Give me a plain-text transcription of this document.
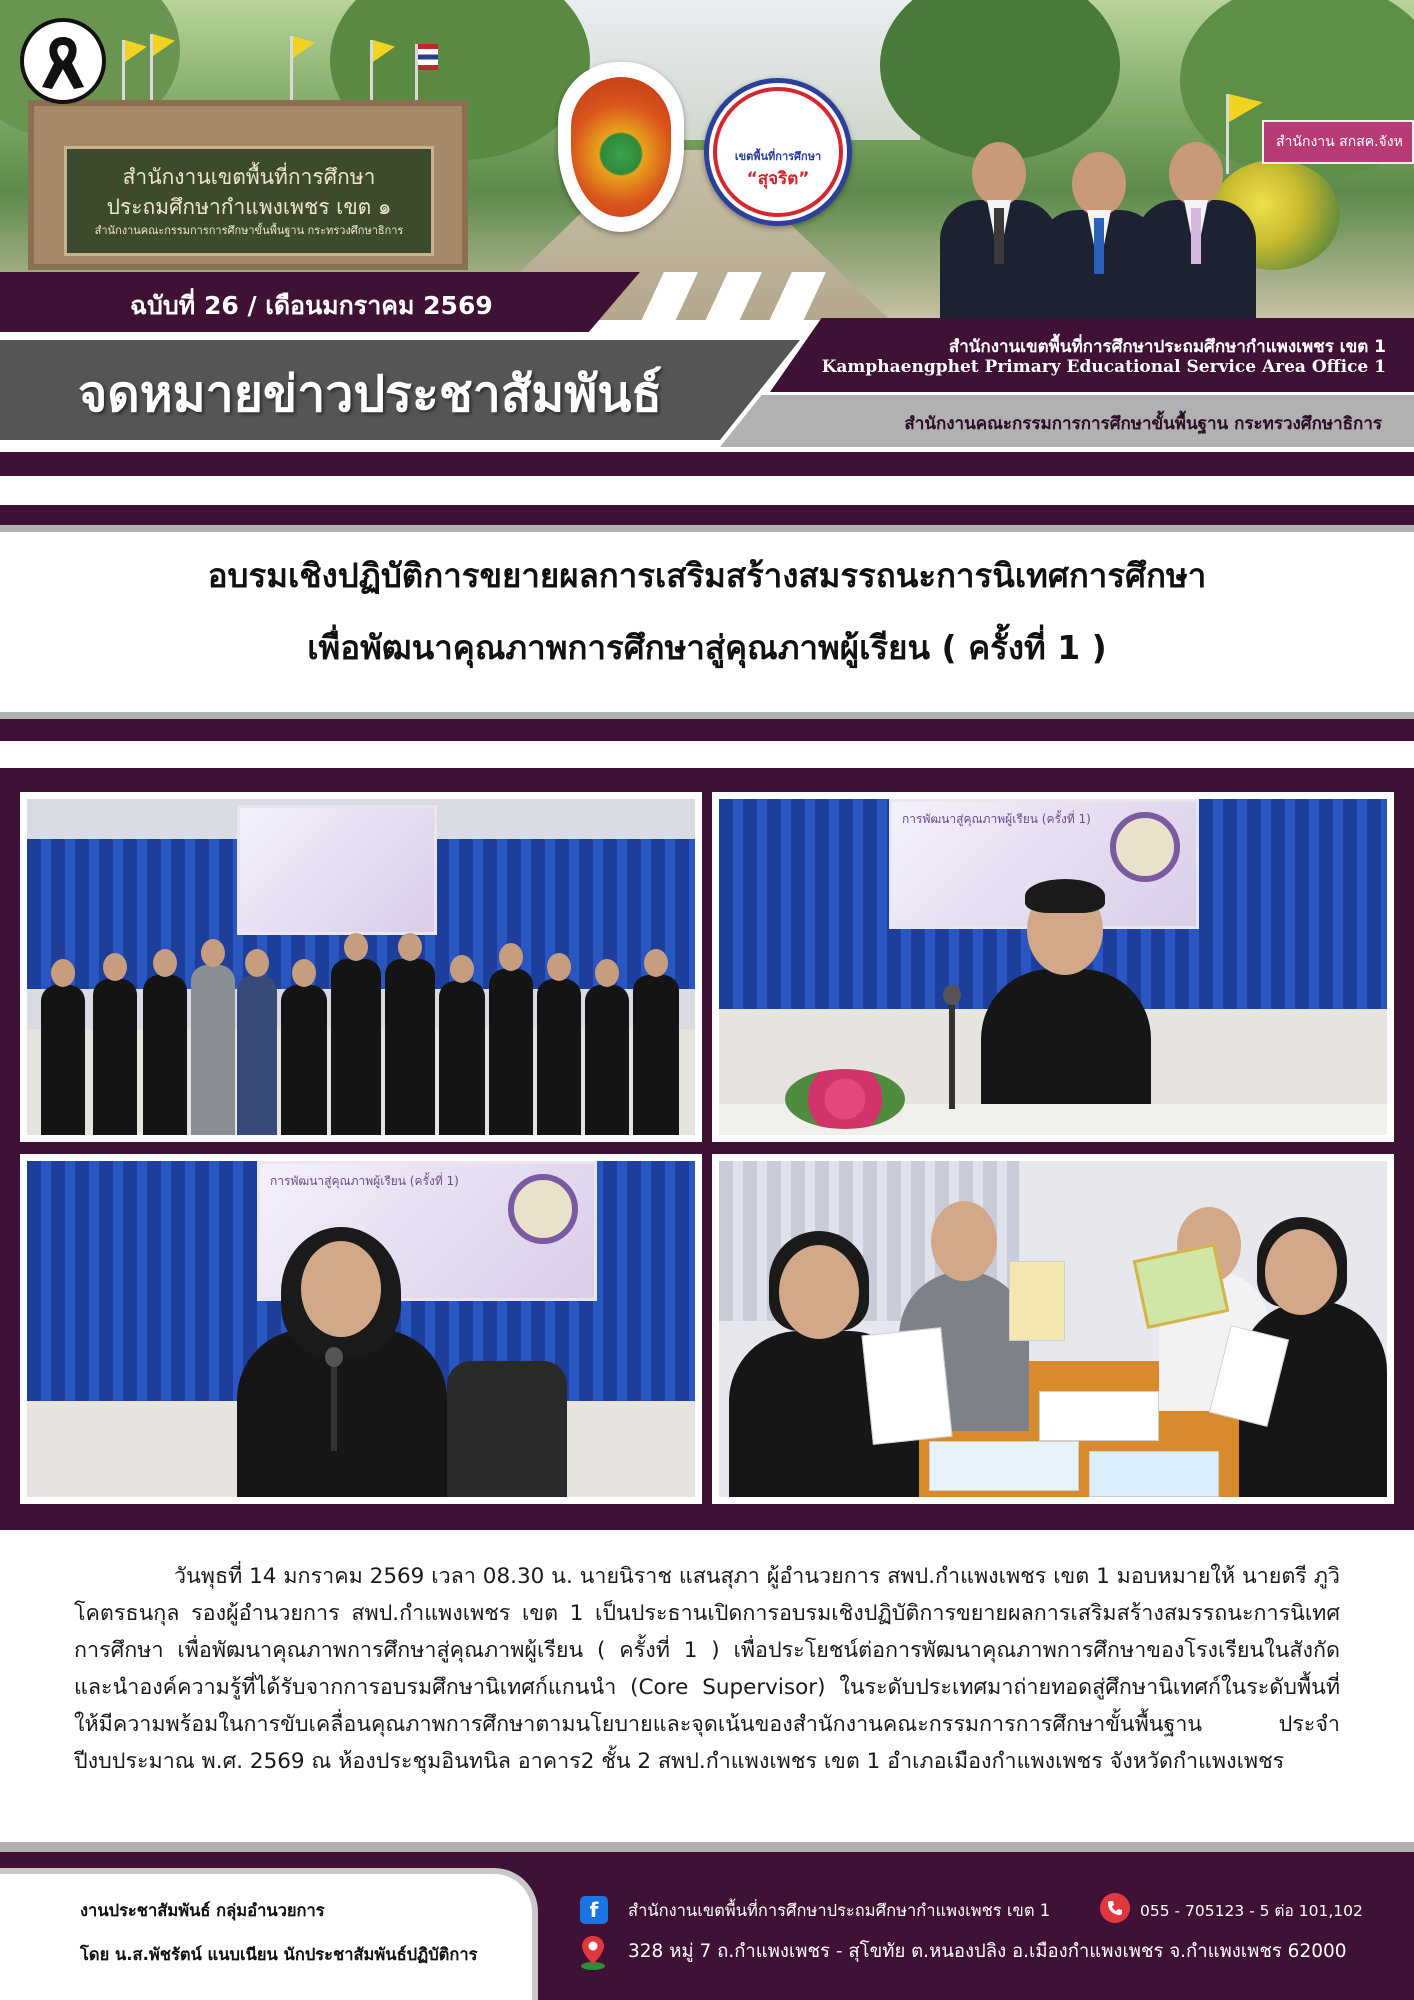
สำนักงานเขตพื้นที่การศึกษา
ประถมศึกษากำแพงเพชร เขต ๑
สำนักงานคณะกรรมการการศึกษาขั้นพื้นฐาน กระทรวงศึกษาธิการ
สำนักงาน สกสค.จังห
เขตพื้นที่การศึกษา
“สุจริต”
ฉบับที่ 26 / เดือนมกราคม 2569
จดหมายข่าวประชาสัมพันธ์
สำนักงานเขตพื้นที่การศึกษาประถมศึกษากำแพงเพชร เขต 1
Kamphaengphet Primary Educational Service Area Office 1
สำนักงานคณะกรรมการการศึกษาขั้นพื้นฐาน กระทรวงศึกษาธิการ
อบรมเชิงปฏิบัติการขยายผลการเสริมสร้างสมรรถนะการนิเทศการศึกษา
เพื่อพัฒนาคุณภาพการศึกษาสู่คุณภาพผู้เรียน ( ครั้งที่ 1 )
การพัฒนาสู่คุณภาพผู้เรียน (ครั้งที่ 1)
การพัฒนาสู่คุณภาพผู้เรียน (ครั้งที่ 1)
วันพุธที่ 14 มกราคม 2569 เวลา 08.30 น. นายนิราช แสนสุภา ผู้อำนวยการ สพป.กำแพงเพชร เขต 1 มอบหมายให้ นายตรี ภูวิโคตรธนกุล รองผู้อำนวยการ สพป.กำแพงเพชร เขต 1 เป็นประธานเปิดการอบรมเชิงปฏิบัติการขยายผลการเสริมสร้างสมรรถนะการนิเทศการศึกษา เพื่อพัฒนาคุณภาพการศึกษาสู่คุณภาพผู้เรียน ( ครั้งที่ 1 ) เพื่อประโยชน์ต่อการพัฒนาคุณภาพการศึกษาของโรงเรียนในสังกัด และนำองค์ความรู้ที่ได้รับจากการอบรมศึกษานิเทศก์แกนนำ (Core Supervisor) ในระดับประเทศมาถ่ายทอดสู่ศึกษานิเทศก์ในระดับพื้นที่ ให้มีความพร้อมในการขับเคลื่อนคุณภาพการศึกษาตามนโยบายและจุดเน้นของสำนักงานคณะกรรมการการศึกษาขั้นพื้นฐาน ประจำปีงบประมาณ พ.ศ. 2569 ณ ห้องประชุมอินทนิล อาคาร2 ชั้น 2 สพป.กำแพงเพชร เขต 1 อำเภอเมืองกำแพงเพชร จังหวัดกำแพงเพชร
งานประชาสัมพันธ์ กลุ่มอำนวยการ
โดย น.ส.พัชรัตน์ แนบเนียน นักประชาสัมพันธ์ปฏิบัติการ
f	สำนักงานเขตพื้นที่การศึกษาประถมศึกษากำแพงเพชร เขต 1	055 - 705123 - 5 ต่อ 101,102
328 หมู่ 7 ถ.กำแพงเพชร - สุโขทัย ต.หนองปลิง อ.เมืองกำแพงเพชร จ.กำแพงเพชร 62000
